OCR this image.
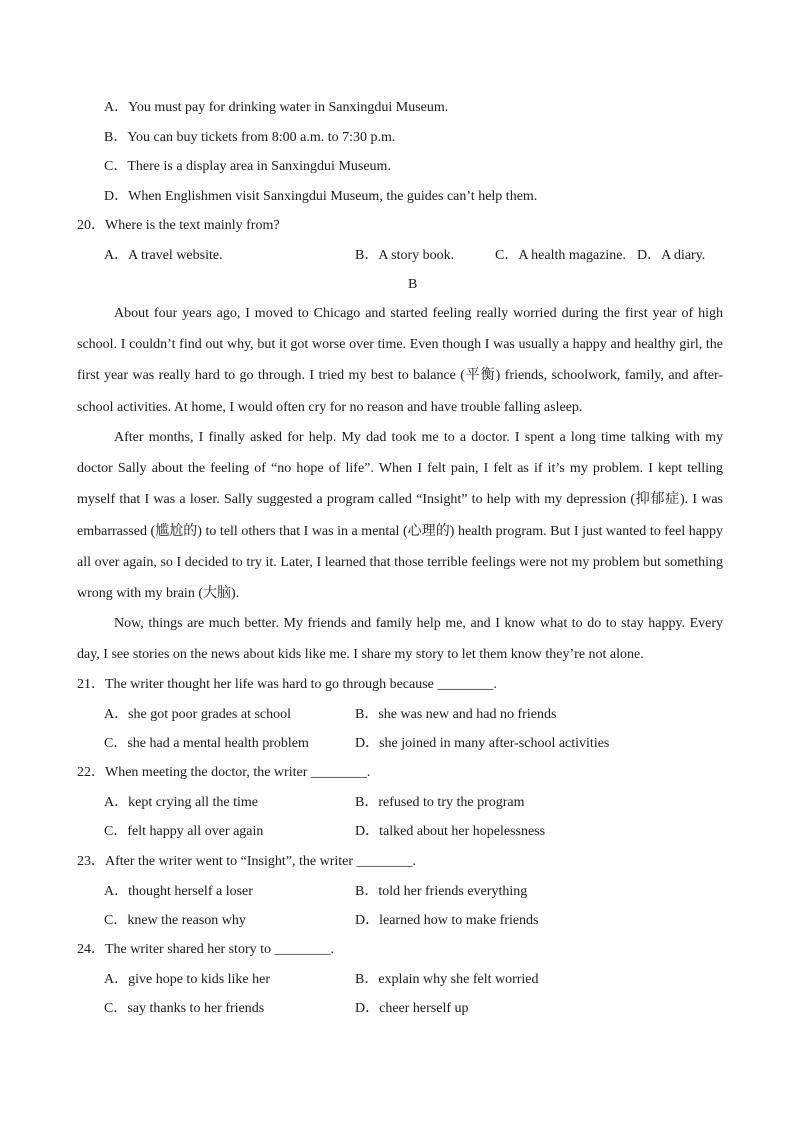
A．You must pay for drinking water in Sanxingdui Museum.
B．You can buy tickets from 8:00 a.m. to 7:30 p.m.
C．There is a display area in Sanxingdui Museum.
D．When Englishmen visit Sanxingdui Museum, the guides can’t help them.
20．Where is the text mainly from?
A．A travel website.	B．A story book.	C．A health magazine. D．A diary.
B
About four years ago, I moved to Chicago and started feeling really worried during the first year of high school. I couldn’t find out why, but it got worse over time. Even though I was usually a happy and healthy girl, the first year was really hard to go through. I tried my best to balance (平衡) friends, schoolwork, family, and after-school activities. At home, I would often cry for no reason and have trouble falling asleep.
After months, I finally asked for help. My dad took me to a doctor. I spent a long time talking with my doctor Sally about the feeling of “no hope of life”. When I felt pain, I felt as if it’s my problem. I kept telling myself that I was a loser. Sally suggested a program called “Insight” to help with my depression (抑郁症). I was embarrassed (尴尬的) to tell others that I was in a mental (心理的) health program. But I just wanted to feel happy all over again, so I decided to try it. Later, I learned that those terrible feelings were not my problem but something wrong with my brain (大脑).
Now, things are much better. My friends and family help me, and I know what to do to stay happy. Every day, I see stories on the news about kids like me. I share my story to let them know they’re not alone.
21．The writer thought her life was hard to go through because ________.
A．she got poor grades at school	B．she was new and had no friends
C．she had a mental health problem	D．she joined in many after-school activities
22．When meeting the doctor, the writer ________.
A．kept crying all the time	B．refused to try the program
C．felt happy all over again	D．talked about her hopelessness
23．After the writer went to “Insight”, the writer ________.
A．thought herself a loser	B．told her friends everything
C．knew the reason why	D．learned how to make friends
24．The writer shared her story to ________.
A．give hope to kids like her	B．explain why she felt worried
C．say thanks to her friends	D．cheer herself up
